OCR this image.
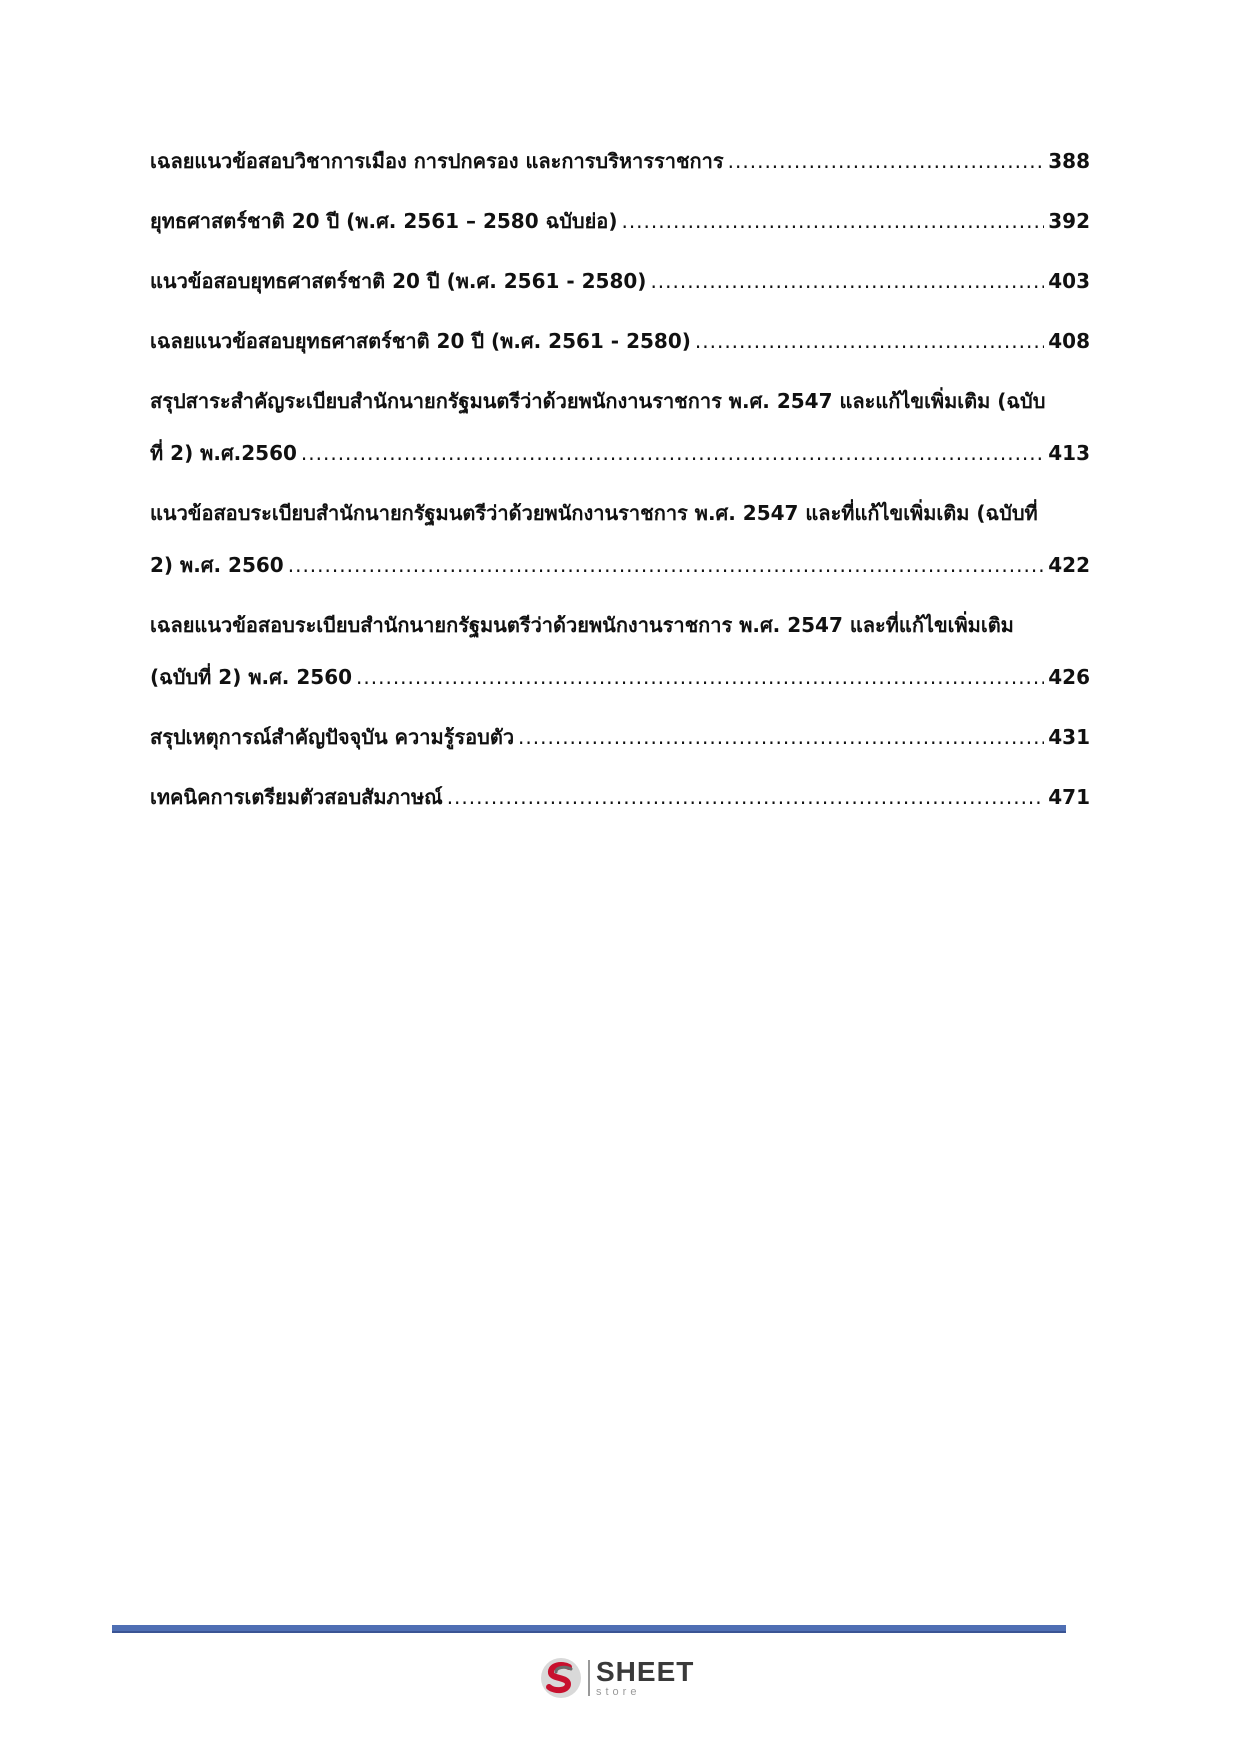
เฉลยแนวข้อสอบวิชาการเมือง การปกครอง และการบริหารราชการ .....	388
ยุทธศาสตร์ชาติ 20 ปี (พ.ศ. 2561 – 2580 ฉบับย่อ) .....	392
แนวข้อสอบยุทธศาสตร์ชาติ 20 ปี (พ.ศ. 2561 - 2580) .....	403
เฉลยแนวข้อสอบยุทธศาสตร์ชาติ 20 ปี (พ.ศ. 2561 - 2580) .....	408
สรุปสาระสำคัญระเบียบสำนักนายกรัฐมนตรีว่าด้วยพนักงานราชการ พ.ศ. 2547 และแก้ไขเพิ่มเติม (ฉบับ
ที่ 2) พ.ศ.2560 .....	413
แนวข้อสอบระเบียบสำนักนายกรัฐมนตรีว่าด้วยพนักงานราชการ พ.ศ. 2547 และที่แก้ไขเพิ่มเติม (ฉบับที่
2) พ.ศ. 2560 .....	422
เฉลยแนวข้อสอบระเบียบสำนักนายกรัฐมนตรีว่าด้วยพนักงานราชการ พ.ศ. 2547 และที่แก้ไขเพิ่มเติม
(ฉบับที่ 2) พ.ศ. 2560 .....	426
สรุปเหตุการณ์สำคัญปัจจุบัน ความรู้รอบตัว .....	431
เทคนิคการเตรียมตัวสอบสัมภาษณ์ .....	471
SHEET
store
